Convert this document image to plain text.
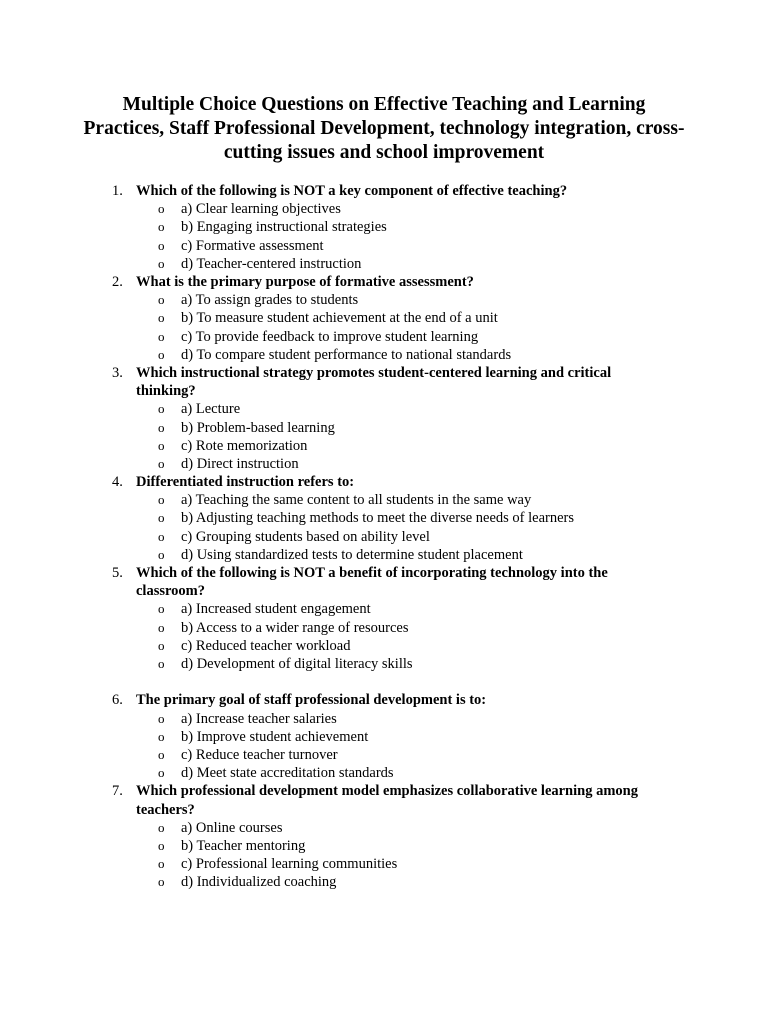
Multiple Choice Questions on Effective Teaching and Learning Practices, Staff Professional Development, technology integration, cross-cutting issues and school improvement
1. Which of the following is NOT a key component of effective teaching?
o a) Clear learning objectives
o b) Engaging instructional strategies
o c) Formative assessment
o d) Teacher-centered instruction
2. What is the primary purpose of formative assessment?
o a) To assign grades to students
o b) To measure student achievement at the end of a unit
o c) To provide feedback to improve student learning
o d) To compare student performance to national standards
3. Which instructional strategy promotes student-centered learning and critical thinking?
o a) Lecture
o b) Problem-based learning
o c) Rote memorization
o d) Direct instruction
4. Differentiated instruction refers to:
o a) Teaching the same content to all students in the same way
o b) Adjusting teaching methods to meet the diverse needs of learners
o c) Grouping students based on ability level
o d) Using standardized tests to determine student placement
5. Which of the following is NOT a benefit of incorporating technology into the classroom?
o a) Increased student engagement
o b) Access to a wider range of resources
o c) Reduced teacher workload
o d) Development of digital literacy skills
6. The primary goal of staff professional development is to:
o a) Increase teacher salaries
o b) Improve student achievement
o c) Reduce teacher turnover
o d) Meet state accreditation standards
7. Which professional development model emphasizes collaborative learning among teachers?
o a) Online courses
o b) Teacher mentoring
o c) Professional learning communities
o d) Individualized coaching
